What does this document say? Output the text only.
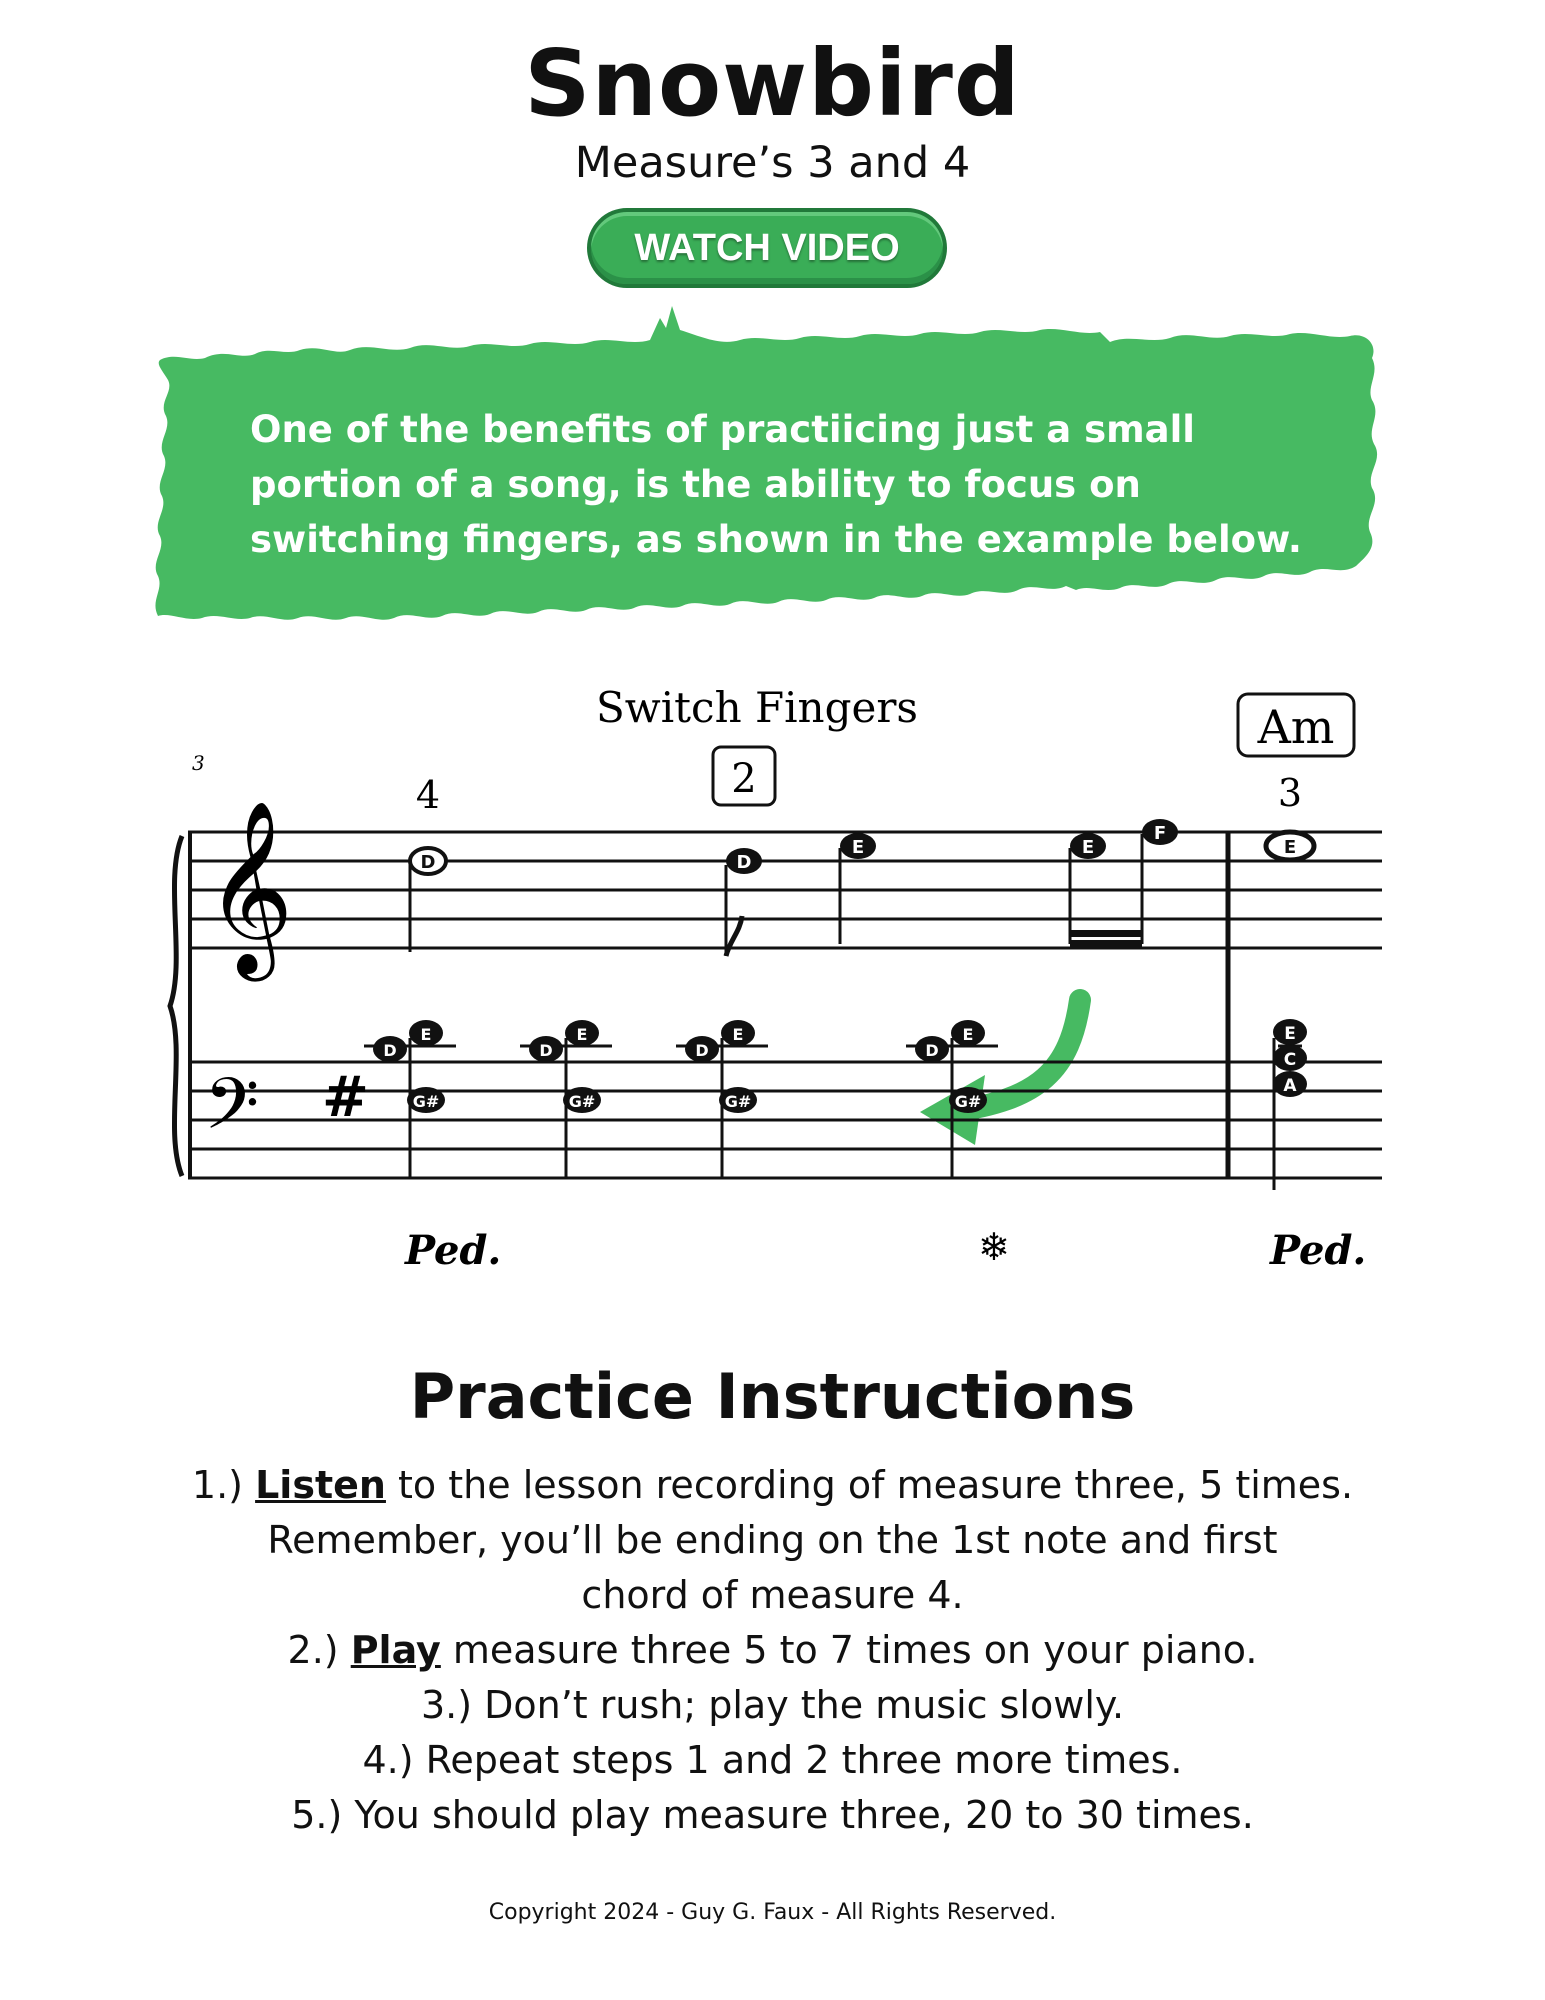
Snowbird
Measure’s 3 and 4
WATCH VIDEO
One of the benefits of practiicing just a small portion of a song, is the ability to focus on switching fingers, as shown in the example below.
Switch Fingers	Am
3
4	2	3
𝄞
𝄢 #
D	D
E	E
F
E
D
E
G#
D
E
G#
D
E
G#
D
E
G#
E
C
A
Ped.	❄	Ped.
Practice Instructions
1.) Listen to the lesson recording of measure three, 5 times.
Remember, you’ll be ending on the 1st note and first
chord of measure 4.
2.) Play measure three 5 to 7 times on your piano.
3.) Don’t rush; play the music slowly.
4.) Repeat steps 1 and 2 three more times.
5.) You should play measure three, 20 to 30 times.
Copyright 2024 - Guy G. Faux - All Rights Reserved.
